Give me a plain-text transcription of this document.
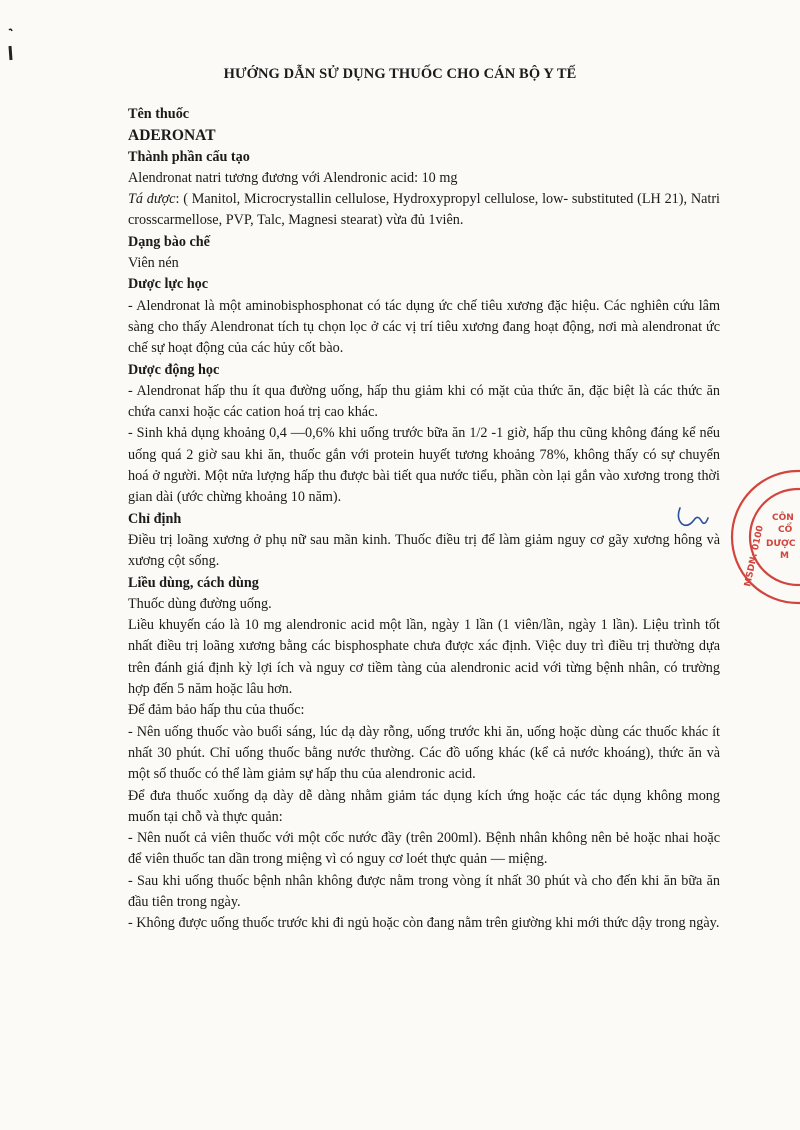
HƯỚNG DẪN SỬ DỤNG THUỐC CHO CÁN BỘ Y TẾ

Tên thuốc

ADERONAT

Thành phần cấu tạo

Alendronat natri tương đương với Alendronic acid: 10 mg

Tá dược: ( Manitol, Microcrystallin cellulose, Hydroxypropyl cellulose, low- substituted (LH 21), Natri crosscarmellose, PVP, Talc, Magnesi stearat) vừa đủ 1viên.

Dạng bào chế

Viên nén

Dược lực học

- Alendronat là một aminobisphosphonat có tác dụng ức chế tiêu xương đặc hiệu. Các nghiên cứu lâm sàng cho thấy Alendronat tích tụ chọn lọc ở các vị trí tiêu xương đang hoạt động, nơi mà alendronat ức chế sự hoạt động của các hủy cốt bào.

Dược động học

- Alendronat hấp thu ít qua đường uống, hấp thu giảm khi có mặt của thức ăn, đặc biệt là các thức ăn chứa canxi hoặc các cation hoá trị cao khác.

- Sinh khả dụng khoảng 0,4 —0,6% khi uống trước bữa ăn 1/2 -1 giờ, hấp thu cũng không đáng kể nếu uống quá 2 giờ sau khi ăn, thuốc gắn với protein huyết tương khoảng 78%, không thấy có sự chuyển hoá ở người. Một nửa lượng hấp thu được bài tiết qua nước tiểu, phần còn lại gắn vào xương trong thời gian dài (ước chừng khoảng 10 năm).

Chỉ định

Điều trị loãng xương ở phụ nữ sau mãn kinh. Thuốc điều trị để làm giảm nguy cơ gãy xương hông và xương cột sống.

Liều dùng, cách dùng

Thuốc dùng đường uống.

Liều khuyến cáo là 10 mg alendronic acid một lần, ngày 1 lần (1 viên/lần, ngày 1 lần). Liệu trình tốt nhất điều trị loãng xương bằng các bisphosphate chưa được xác định. Việc duy trì điều trị thường dựa trên đánh giá định kỳ lợi ích và nguy cơ tiềm tàng của alendronic acid với từng bệnh nhân, có trường hợp đến 5 năm hoặc lâu hơn.

Để đảm bảo hấp thu của thuốc:

- Nên uống thuốc vào buổi sáng, lúc dạ dày rỗng, uống trước khi ăn, uống hoặc dùng các thuốc khác ít nhất 30 phút. Chỉ uống thuốc bằng nước thường. Các đồ uống khác (kể cả nước khoáng), thức ăn và một số thuốc có thể làm giảm sự hấp thu của alendronic acid.

Để đưa thuốc xuống dạ dày dễ dàng nhằm giảm tác dụng kích ứng hoặc các tác dụng không mong muốn tại chỗ và thực quản:

- Nên nuốt cả viên thuốc với một cốc nước đầy (trên 200ml). Bệnh nhân không nên bẻ hoặc nhai hoặc để viên thuốc tan dần trong miệng vì có nguy cơ loét thực quản — miệng.

- Sau khi uống thuốc bệnh nhân không được nằm trong vòng ít nhất 30 phút và cho đến khi ăn bữa ăn đầu tiên trong ngày.

- Không được uống thuốc trước khi đi ngủ hoặc còn đang nằm trên giường khi mới thức dậy trong ngày.

MSDN: 0100
CÔN
CỔ
DƯỢC
M
